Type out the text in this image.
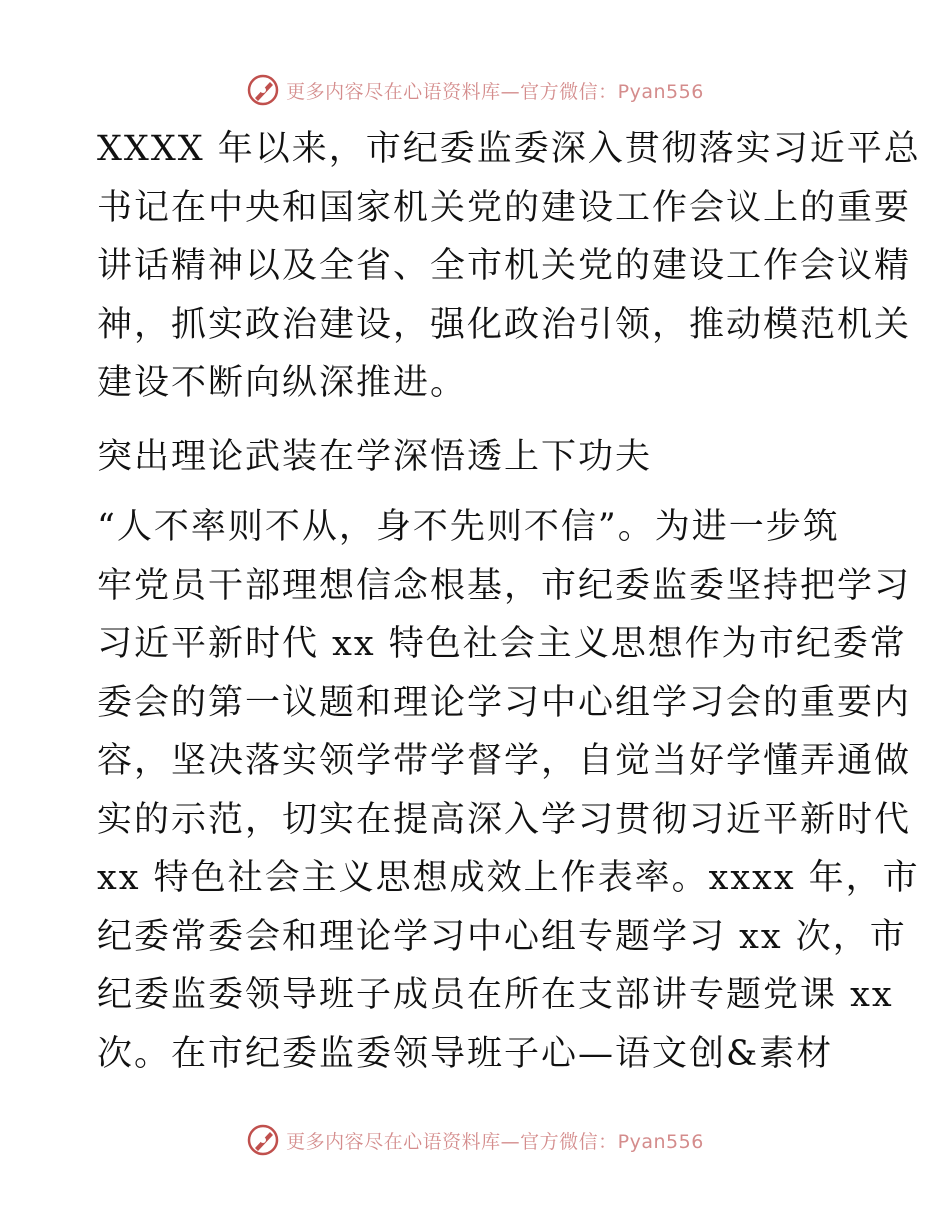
更多内容尽在心语资料库—官方微信：Pyan556
XXXX 年以来，市纪委监委深入贯彻落实习近平总
书记在中央和国家机关党的建设工作会议上的重要
讲话精神以及全省、全市机关党的建设工作会议精
神，抓实政治建设，强化政治引领，推动模范机关
建设不断向纵深推进。
突出理论武装在学深悟透上下功夫
“人不率则不从，身不先则不信”。为进一步筑
牢党员干部理想信念根基，市纪委监委坚持把学习
习近平新时代 xx 特色社会主义思想作为市纪委常
委会的第一议题和理论学习中心组学习会的重要内
容，坚决落实领学带学督学，自觉当好学懂弄通做
实的示范，切实在提高深入学习贯彻习近平新时代
xx 特色社会主义思想成效上作表率。xxxx 年，市
纪委常委会和理论学习中心组专题学习 xx 次，市
纪委监委领导班子成员在所在支部讲专题党课 xx
次。在市纪委监委领导班子心—语文创&素材
更多内容尽在心语资料库—官方微信：Pyan556
